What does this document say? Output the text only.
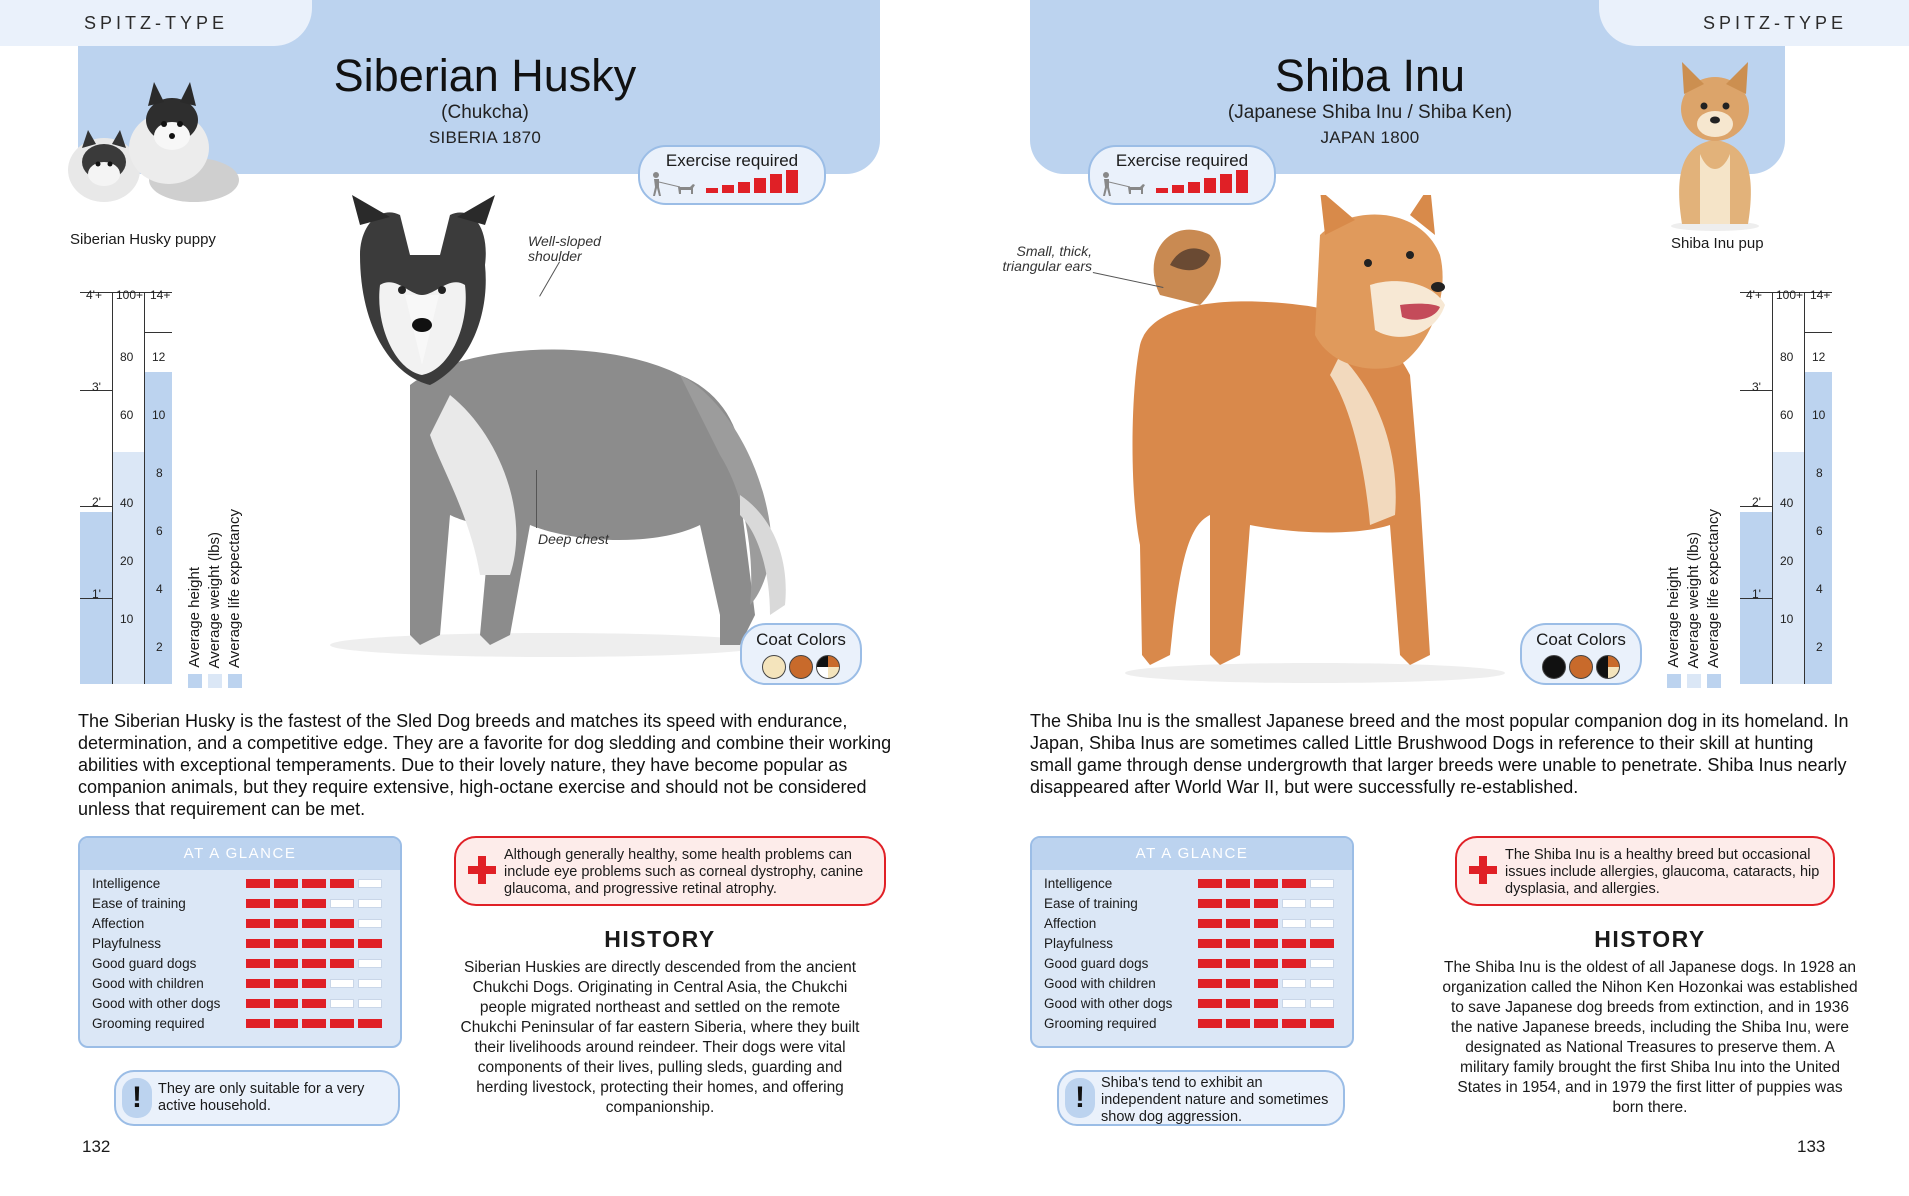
SPITZ-TYPE
Siberian Husky
(Chukcha)
SIBERIA 1870
Exercise required
Siberian Husky puppy	Well-sloped
shoulder
Deep chest
4'+
3'
2'
1'
100+
80
60
40
20
10
14+
12
10
8
6
4
2 Average height Average weight (lbs) Average life expectancy	Coat Colors
The Siberian Husky is the fastest of the Sled Dog breeds and matches its speed with endurance, determination, and a competitive edge. They are a favorite for dog sledding and combine their working abilities with exceptional temperaments. Due to their lovely nature, they have become popular as companion animals, but they require extensive, high-octane exercise and should not be considered unless that requirement can be met.
AT A GLANCE
Intelligence
Ease of training
Affection
Playfulness
Good guard dogs
Good with children
Good with other dogs
Grooming required
Although generally healthy, some health problems can include eye problems such as corneal dystrophy, canine glaucoma, and progressive retinal atrophy.
HISTORY
Siberian Huskies are directly descended from the ancient Chukchi Dogs. Originating in Central Asia, the Chukchi people migrated northeast and settled on the remote Chukchi Peninsular of far eastern Siberia, where they built their livelihoods around reindeer. Their dogs were vital components of their lives, pulling sleds, guarding and herding livestock, protecting their homes, and offering companionship.
!	They are only suitable for a very active household.
132
SPITZ-TYPE
Shiba Inu
(Japanese Shiba Inu / Shiba Ken)
JAPAN 1800
Exercise required
Shiba Inu pup
Small, thick,
triangular ears
4'+
3'
2'
1'
100+
80
60
40
20
10
14+
12
10
8
6
4
2
Average height Average weight (lbs) Average life expectancy
Coat Colors
The Shiba Inu is the smallest Japanese breed and the most popular companion dog in its homeland. In Japan, Shiba Inus are sometimes called Little Brushwood Dogs in reference to their skill at hunting small game through dense undergrowth that larger breeds were unable to penetrate. Shiba Inus nearly disappeared after World War II, but were successfully re-established.
AT A GLANCE
Intelligence
Ease of training
Affection
Playfulness
Good guard dogs
Good with children
Good with other dogs
Grooming required
The Shiba Inu is a healthy breed but occasional issues include allergies, glaucoma, cataracts, hip dysplasia, and allergies.
HISTORY
The Shiba Inu is the oldest of all Japanese dogs. In 1928 an organization called the Nihon Ken Hozonkai was established to save Japanese dog breeds from extinction, and in 1936 the native Japanese breeds, including the Shiba Inu, were designated as National Treasures to preserve them. A military family brought the first Shiba Inu into the United States in 1954, and in 1979 the first litter of puppies was born there.
!	Shiba's tend to exhibit an independent nature and sometimes show dog aggression.
133
